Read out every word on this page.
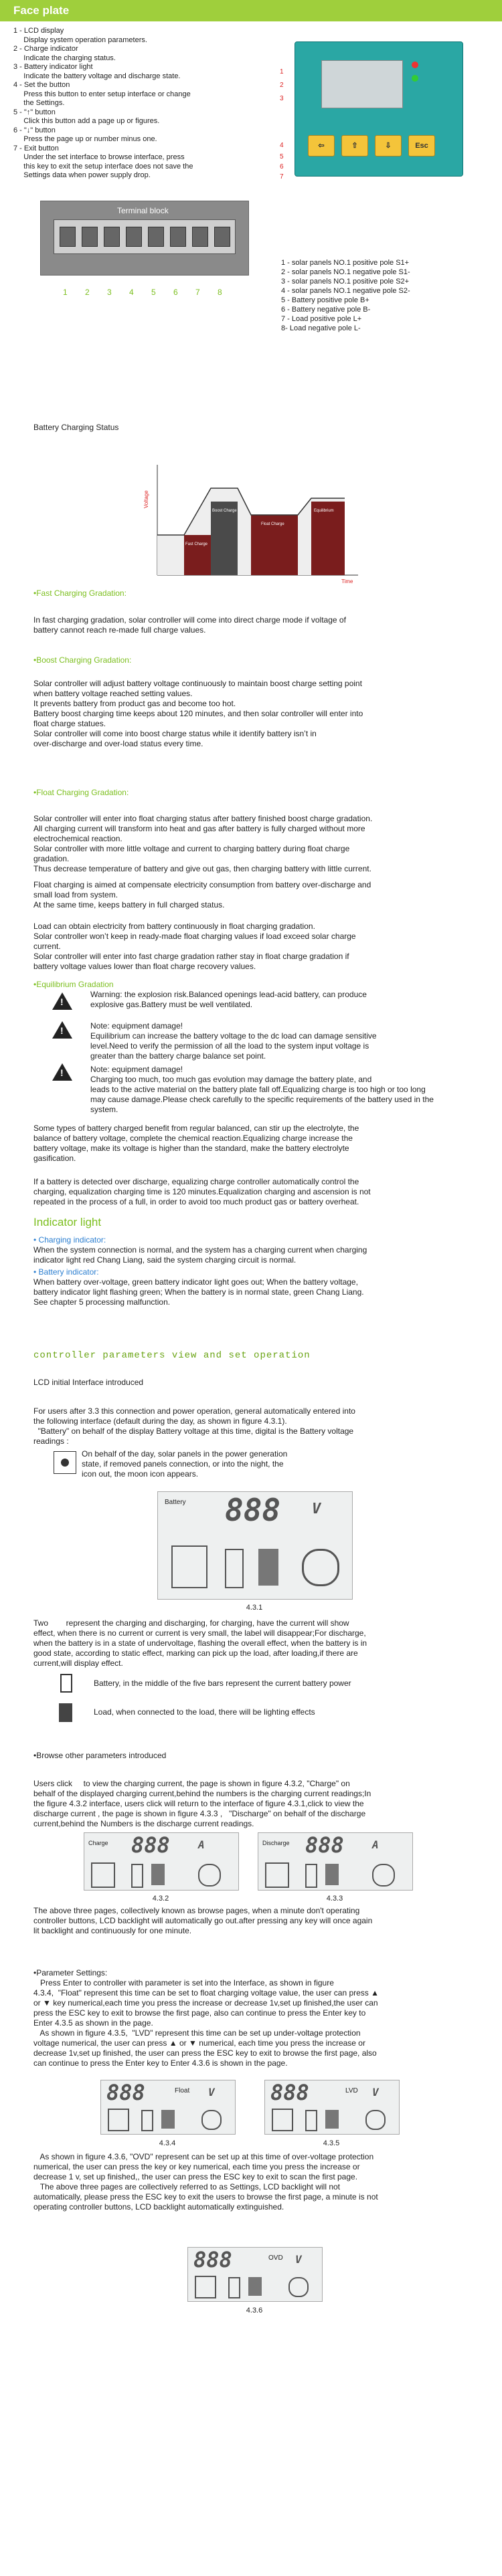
Face plate
1 - LCD display
Display system operation parameters.
2 - Charge indicator
Indicate the charging status.
3 - Battery indicator light
Indicate the battery voltage and discharge state.
4 - Set the button
Press this button to enter setup interface or change
the Settings.
5 - "↑" button
Click this button add a page up or figures.
6 - "↓" button
Press the page up or number minus one.
7 - Exit button
Under the set interface to browse interface, press
this key to exit the setup interface does not save the
Settings data when power supply drop.
⇦	⇧	⇩	Esc
1
2
3
4
5
6
7
Terminal block
1 2 3 4 5 6 7 8
1 - solar panels NO.1 positive pole S1+
2 - solar panels NO.1 negative pole S1-
3 - solar panels NO.1 positive pole S2+
4 - solar panels NO.1 negative pole S2-
5 - Battery positive pole B+
6 - Battery negative pole B-
7 - Load positive pole L+
8- Load negative pole L-
Battery Charging Status
Voltage
Time
Fast Charge
Boost Charge
Float Charge
Equilibrium
•Fast Charging Gradation:
In fast charging gradation, solar controller will come into direct charge mode if voltage of
battery cannot reach re-made full charge values.
•Boost Charging Gradation:
Solar controller will adjust battery voltage continuously to maintain boost charge setting point
when battery voltage reached setting values.
It prevents battery from product gas and become too hot.
Battery boost charging time keeps about 120 minutes, and then solar controller will enter into
float charge statues.
Solar controller will come into boost charge status while it identify battery isn’t in
over-discharge and over-load status every time.
•Float Charging Gradation:
Solar controller will enter into float charging status after battery finished boost charge gradation.
All charging current will transform into heat and gas after battery is fully charged without more
electrochemical reaction.
Solar controller with more little voltage and current to charging battery during float charge
gradation.
Thus decrease temperature of battery and give out gas, then charging battery with little current.
Float charging is aimed at compensate electricity consumption from battery over-discharge and
small load from system.
At the same time, keeps battery in full charged status.
Load can obtain electricity from battery continuously in float charging gradation.
Solar controller won’t keep in ready-made float charging values if load exceed solar charge
current.
Solar controller will enter into fast charge gradation rather stay in float charge gradation if
battery voltage values lower than float charge recovery values.
•Equilibrium Gradation
!
Warning: the explosion risk.Balanced openings lead-acid battery, can produce
explosive gas.Battery must be well ventilated.
!
Note: equipment damage!
Equilibrium can increase the battery voltage to the dc load can damage sensitive
level.Need to verify the permission of all the load to the system input voltage is
greater than the battery charge balance set point.
!
Note: equipment damage!
Charging too much, too much gas evolution may damage the battery plate, and
leads to the active material on the battery plate fall off.Equalizing charge is too high or too long
may cause damage.Please check carefully to the specific requirements of the battery used in the
system.
Some types of battery charged benefit from regular balanced, can stir up the electrolyte, the
balance of battery voltage, complete the chemical reaction.Equalizing charge increase the
battery voltage, make its voltage is higher than the standard, make the battery electrolyte
gasification.
If a battery is detected over discharge, equalizing charge controller automatically control the
charging, equalization charging time is 120 minutes.Equalization charging and ascension is not
repeated in the process of a full, in order to avoid too much product gas or battery overheat.
Indicator light
• Charging indicator:
When the system connection is normal, and the system has a charging current when charging
indicator light red Chang Liang, said the system charging circuit is normal.
• Battery indicator:
When battery over-voltage, green battery indicator light goes out; When the battery voltage,
battery indicator light flashing green; When the battery is in normal state, green Chang Liang.
See chapter 5 processing malfunction.
controller parameters view and set operation
LCD initial Interface introduced
For users after 3.3 this connection and power operation, general automatically entered into
the following interface (default during the day, as shown in figure 4.3.1).
"Battery" on behalf of the display Battery voltage at this time, digital is the Battery voltage
readings :
On behalf of the day, solar panels in the power generation
state, if removed panels connection, or into the night, the
icon out, the moon icon appears.
Battery 888 V
4.3.1
Two        represent the charging and discharging, for charging, have the current will show
effect, when there is no current or current is very small, the label will disappear;For discharge,
when the battery is in a state of undervoltage, flashing the overall effect, when the battery is in
good state, according to static effect, marking can pick up the load, after loading,if there are
current,will display effect.
Battery, in the middle of the five bars represent the current battery power
Load, when connected to the load, there will be lighting effects
•Browse other parameters introduced
Users click     to view the charging current, the page is shown in figure 4.3.2, "Charge" on
behalf of the displayed charging current,behind the numbers is the charging current readings;In
the figure 4.3.2 interface, users click will return to the interface of figure 4.3.1,click to view the
discharge current , the page is shown in figure 4.3.3 ,   "Discharge" on behalf of the discharge
current,behind the Numbers is the discharge current readings.
Charge 888	A	Discharge 888	A
4.3.2	4.3.3
The above three pages, collectively known as browse pages, when a minute don't operating
controller buttons, LCD backlight will automatically go out.after pressing any key will once again
lit backlight and continuously for one minute.
•Parameter Settings:
Press Enter to controller with parameter is set into the Interface, as shown in figure
4.3.4,  "Float" represent this time can be set to float charging voltage value, the user can press ▲
or ▼ key numerical,each time you press the increase or decrease 1v,set up finished,the user can
press the ESC key to exit to browse the first page, also can continue to press the Enter key to
Enter 4.3.5 as shown in the page.
As shown in figure 4.3.5,  "LVD" represent this time can be set up under-voltage protection
voltage numerical, the user can press ▲ or ▼ numerical, each time you press the increase or
decrease 1v,set up finished, the user can press the ESC key to exit to browse the first page, also
can continue to press the Enter key to Enter 4.3.6 is shown in the page.
888	Float V	888	LVD V
4.3.4	4.3.5
As shown in figure 4.3.6, "OVD" represent can be set up at this time of over-voltage protection
numerical, the user can press the key or key numerical, each time you press the increase or
decrease 1 v, set up finished,, the user can press the ESC key to exit to scan the first page.
The above three pages are collectively referred to as Settings, LCD backlight will not
automatically, please press the ESC key to exit the users to browse the first page, a minute is not
operating controller buttons, LCD backlight automatically extinguished.
888	OVD V
4.3.6
